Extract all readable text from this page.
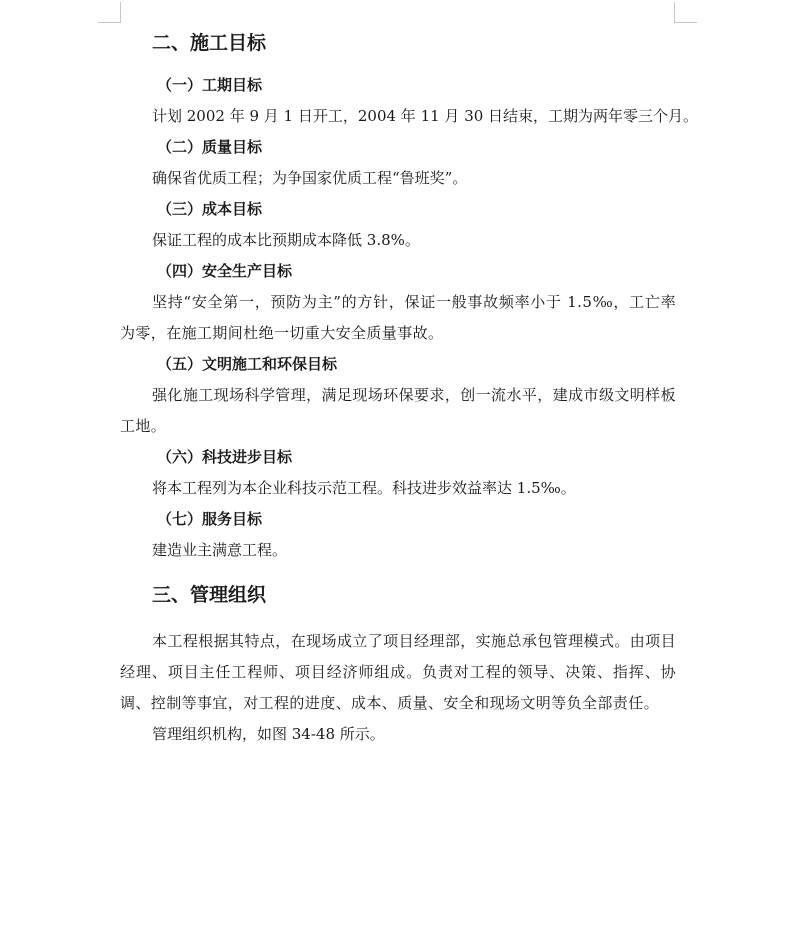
二、施工目标
（一）工期目标
计划 2002 年 9 月 1 日开工，2004 年 11 月 30 日结束，工期为两年零三个月。
（二）质量目标
确保省优质工程；为争国家优质工程“鲁班奖”。
（三）成本目标
保证工程的成本比预期成本降低 3.8%。
（四）安全生产目标
坚持“安全第一，预防为主”的方针，保证一般事故频率小于 1.5‰，工亡率为零，在施工期间杜绝一切重大安全质量事故。
（五）文明施工和环保目标
强化施工现场科学管理，满足现场环保要求，创一流水平，建成市级文明样板工地。
（六）科技进步目标
将本工程列为本企业科技示范工程。科技进步效益率达 1.5‰。
（七）服务目标
建造业主满意工程。
三、管理组织
本工程根据其特点，在现场成立了项目经理部，实施总承包管理模式。由项目经理、项目主任工程师、项目经济师组成。负责对工程的领导、决策、指挥、协调、控制等事宜，对工程的进度、成本、质量、安全和现场文明等负全部责任。
管理组织机构，如图 34-48 所示。
